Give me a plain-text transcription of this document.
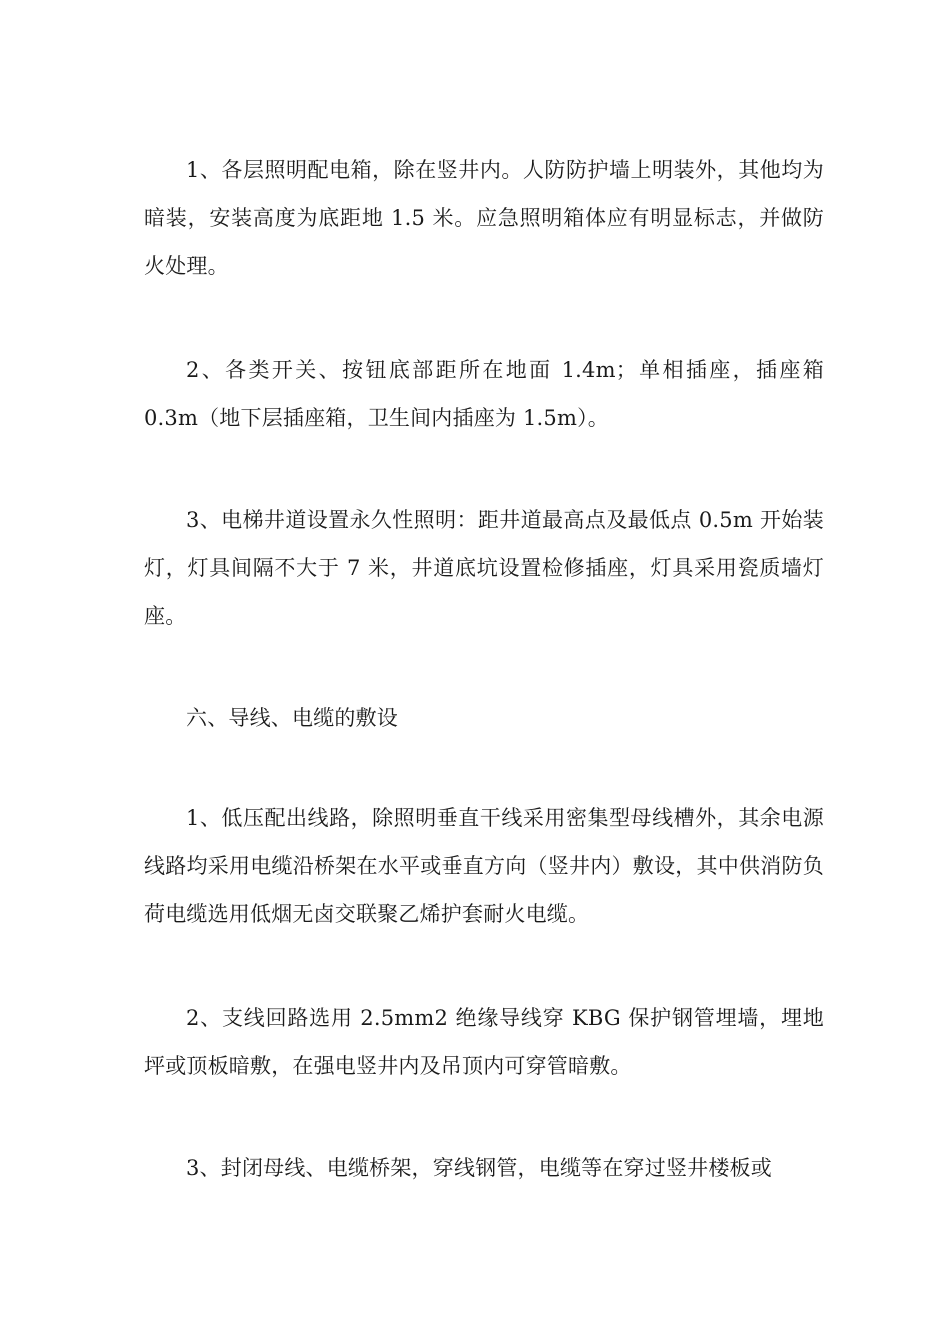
1、各层照明配电箱，除在竖井内。人防防护墙上明装外，其他均为暗装，安装高度为底距地 1.5 米。应急照明箱体应有明显标志，并做防火处理。

2、各类开关、按钮底部距所在地面 1.4m；单相插座，插座箱 0.3m（地下层插座箱，卫生间内插座为 1.5m）。

3、电梯井道设置永久性照明：距井道最高点及最低点 0.5m 开始装灯，灯具间隔不大于 7 米，井道底坑设置检修插座，灯具采用瓷质墙灯座。

六、导线、电缆的敷设

1、低压配出线路，除照明垂直干线采用密集型母线槽外，其余电源线路均采用电缆沿桥架在水平或垂直方向（竖井内）敷设，其中供消防负荷电缆选用低烟无卤交联聚乙烯护套耐火电缆。

2、支线回路选用 2.5mm2 绝缘导线穿 KBG 保护钢管埋墙，埋地坪或顶板暗敷，在强电竖井内及吊顶内可穿管暗敷。

3、封闭母线、电缆桥架，穿线钢管，电缆等在穿过竖井楼板或
